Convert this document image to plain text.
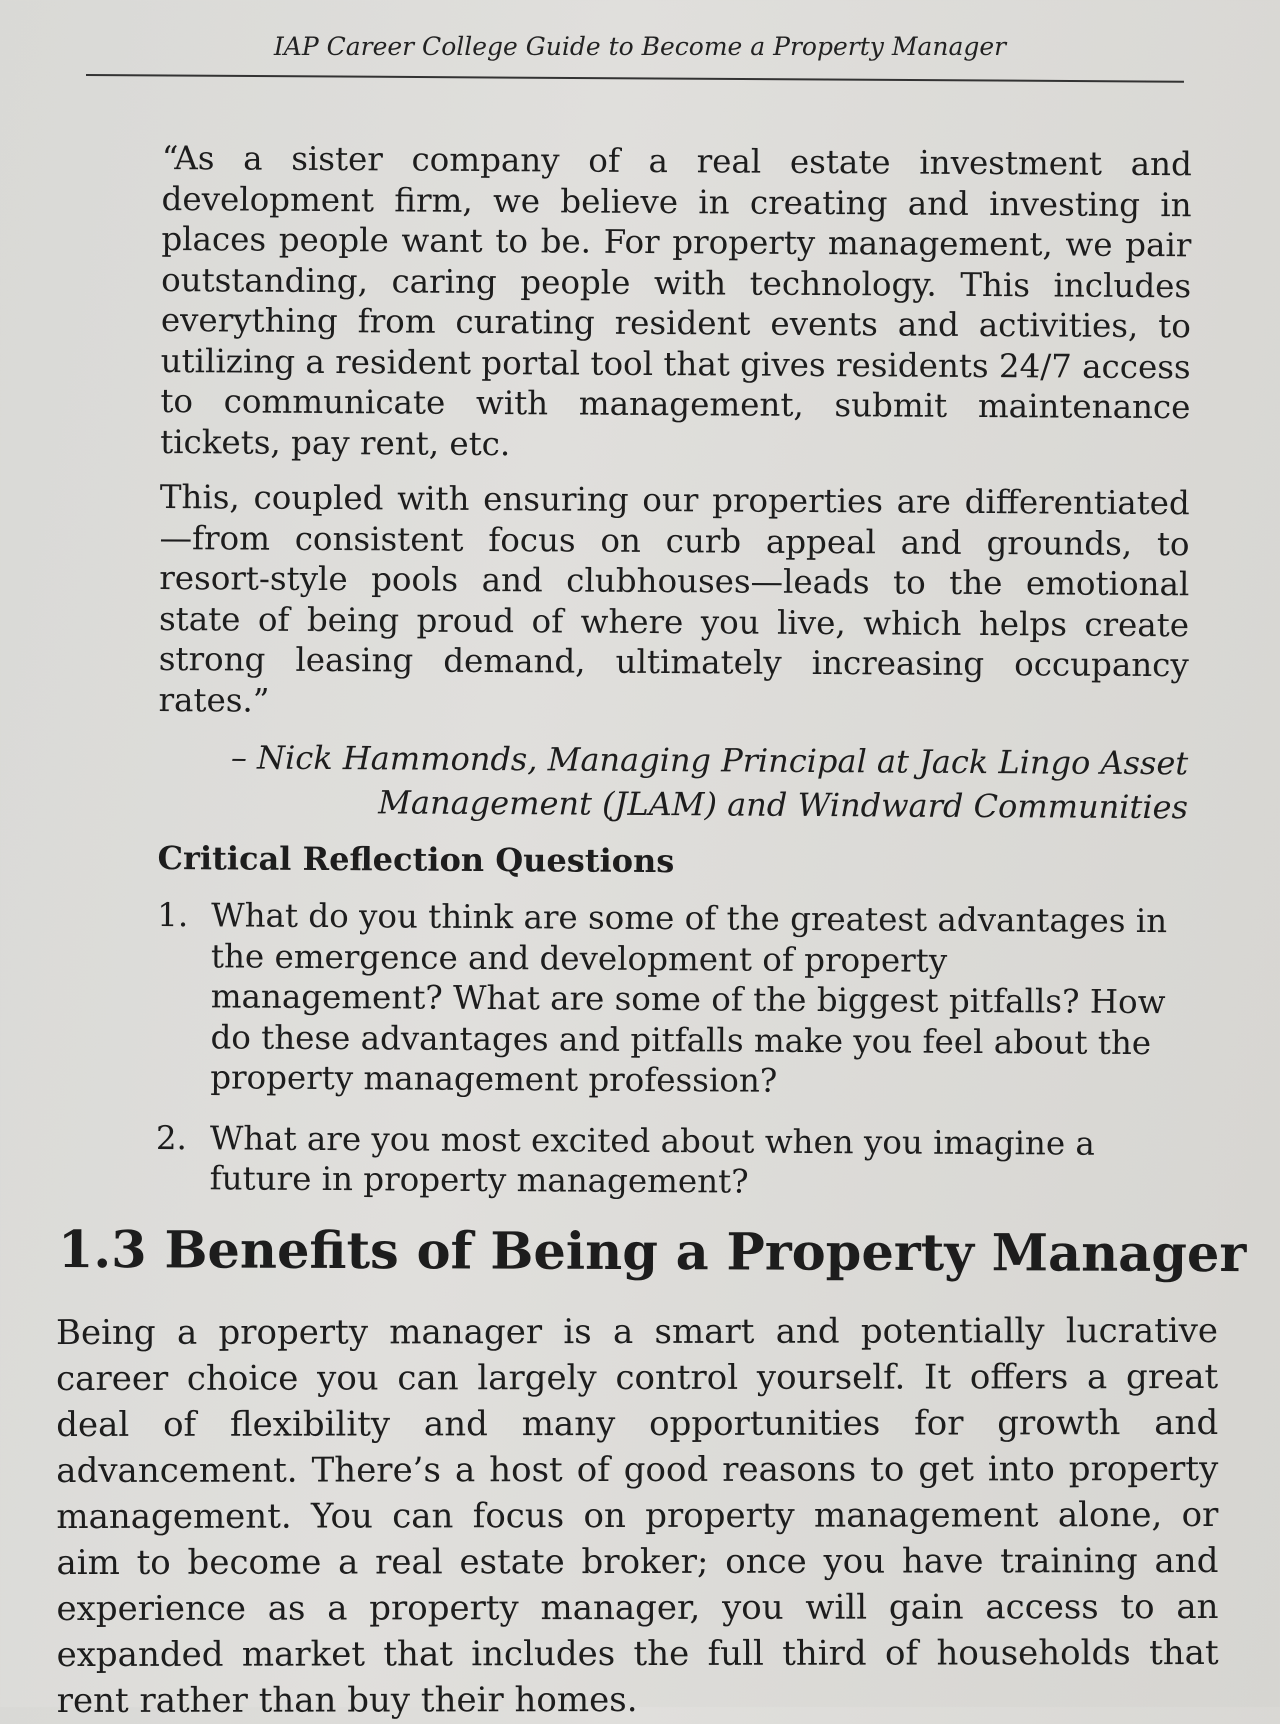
IAP Career College Guide to Become a Property Manager

“As a sister company of a real estate investment and development firm, we believe in creating and investing in places people want to be. For property management, we pair outstanding, caring people with technology. This includes everything from curating resident events and activities, to utilizing a resident portal tool that gives residents 24/7 access to communicate with management, submit maintenance tickets, pay rent, etc.

This, coupled with ensuring our properties are differentiated—from consistent focus on curb appeal and grounds, to resort-style pools and clubhouses—leads to the emotional state of being proud of where you live, which helps create strong leasing demand, ultimately increasing occupancy rates.”

– Nick Hammonds, Managing Principal at Jack Lingo Asset
Management (JLAM) and Windward Communities
Critical Reflection Questions
1. What do you think are some of the greatest advantages in the emergence and development of property management? What are some of the biggest pitfalls? How do these advantages and pitfalls make you feel about the property management profession?
2. What are you most excited about when you imagine a future in property management?
1.3 Benefits of Being a Property Manager

Being a property manager is a smart and potentially lucrative career choice you can largely control yourself. It offers a great deal of flexibility and many opportunities for growth and advancement. There’s a host of good reasons to get into property management. You can focus on property management alone, or aim to become a real estate broker; once you have training and experience as a property manager, you will gain access to an expanded market that includes the full third of households that rent rather than buy their homes.
